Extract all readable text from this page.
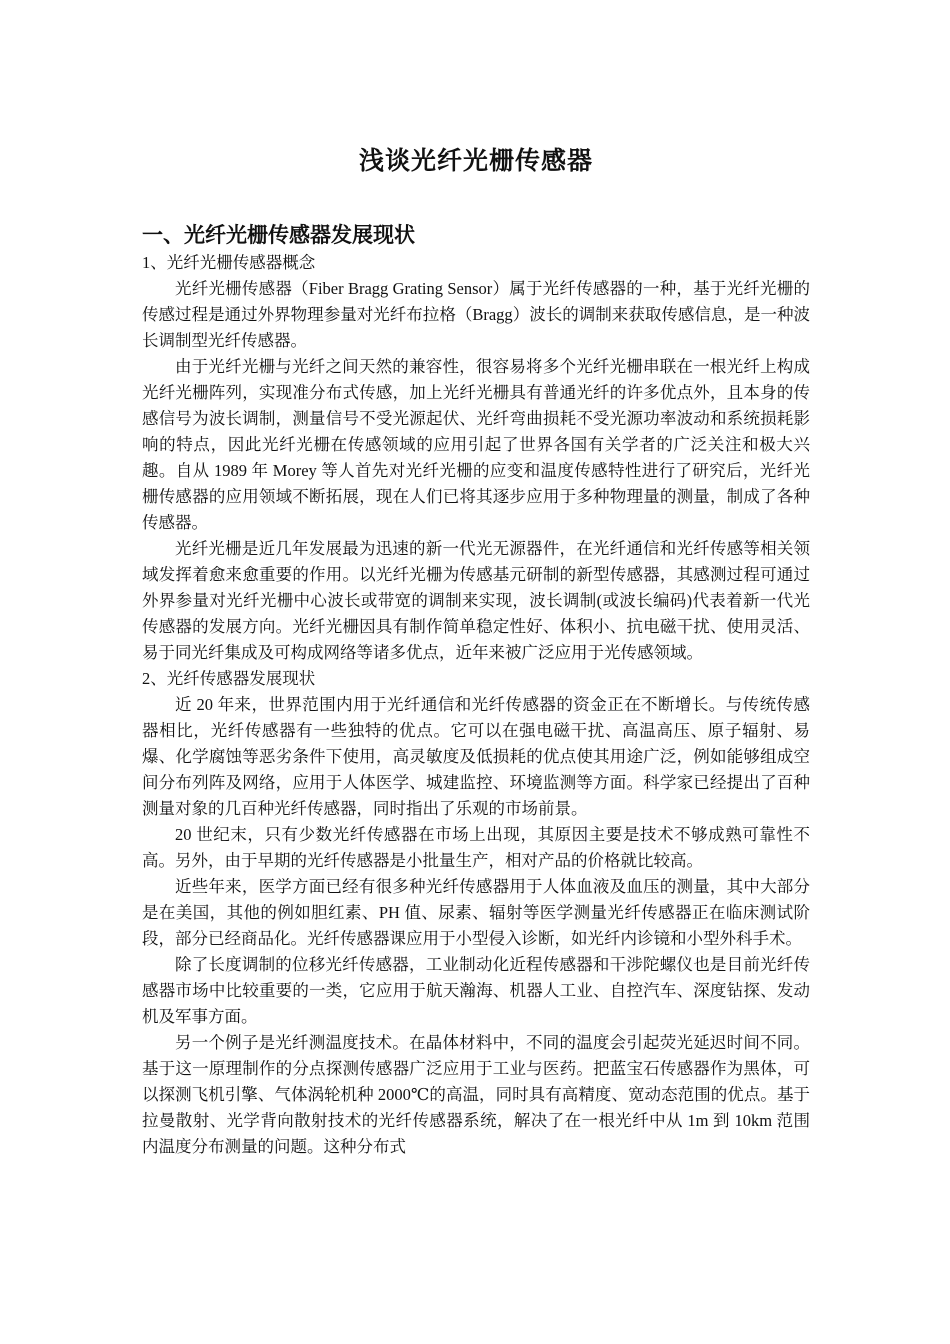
浅谈光纤光栅传感器
一、光纤光栅传感器发展现状
1、光纤光栅传感器概念

光纤光栅传感器（Fiber Bragg Grating Sensor）属于光纤传感器的一种，基于光纤光栅的传感过程是通过外界物理参量对光纤布拉格（Bragg）波长的调制来获取传感信息，是一种波长调制型光纤传感器。

由于光纤光栅与光纤之间天然的兼容性，很容易将多个光纤光栅串联在一根光纤上构成光纤光栅阵列，实现准分布式传感，加上光纤光栅具有普通光纤的许多优点外，且本身的传感信号为波长调制，测量信号不受光源起伏、光纤弯曲损耗不受光源功率波动和系统损耗影响的特点，因此光纤光栅在传感领域的应用引起了世界各国有关学者的广泛关注和极大兴趣。自从 1989 年 Morey 等人首先对光纤光栅的应变和温度传感特性进行了研究后，光纤光栅传感器的应用领域不断拓展，现在人们已将其逐步应用于多种物理量的测量，制成了各种传感器。

光纤光栅是近几年发展最为迅速的新一代光无源器件，在光纤通信和光纤传感等相关领域发挥着愈来愈重要的作用。以光纤光栅为传感基元研制的新型传感器，其感测过程可通过外界参量对光纤光栅中心波长或带宽的调制来实现，波长调制(或波长编码)代表着新一代光传感器的发展方向。光纤光栅因具有制作简单稳定性好、体积小、抗电磁干扰、使用灵活、易于同光纤集成及可构成网络等诸多优点，近年来被广泛应用于光传感领域。

2、光纤传感器发展现状

近 20 年来，世界范围内用于光纤通信和光纤传感器的资金正在不断增长。与传统传感器相比，光纤传感器有一些独特的优点。它可以在强电磁干扰、高温高压、原子辐射、易爆、化学腐蚀等恶劣条件下使用，高灵敏度及低损耗的优点使其用途广泛，例如能够组成空间分布列阵及网络，应用于人体医学、城建监控、环境监测等方面。科学家已经提出了百种测量对象的几百种光纤传感器，同时指出了乐观的市场前景。

20 世纪末，只有少数光纤传感器在市场上出现，其原因主要是技术不够成熟可靠性不高。另外，由于早期的光纤传感器是小批量生产，相对产品的价格就比较高。

近些年来，医学方面已经有很多种光纤传感器用于人体血液及血压的测量，其中大部分是在美国，其他的例如胆红素、PH 值、尿素、辐射等医学测量光纤传感器正在临床测试阶段，部分已经商品化。光纤传感器课应用于小型侵入诊断，如光纤内诊镜和小型外科手术。

除了长度调制的位移光纤传感器，工业制动化近程传感器和干涉陀螺仪也是目前光纤传感器市场中比较重要的一类，它应用于航天瀚海、机器人工业、自控汽车、深度钻探、发动机及军事方面。

另一个例子是光纤测温度技术。在晶体材料中，不同的温度会引起荧光延迟时间不同。基于这一原理制作的分点探测传感器广泛应用于工业与医药。把蓝宝石传感器作为黑体，可以探测飞机引擎、气体涡轮机种 2000℃的高温，同时具有高精度、宽动态范围的优点。基于拉曼散射、光学背向散射技术的光纤传感器系统，解决了在一根光纤中从 1m 到 10km 范围内温度分布测量的问题。这种分布式
